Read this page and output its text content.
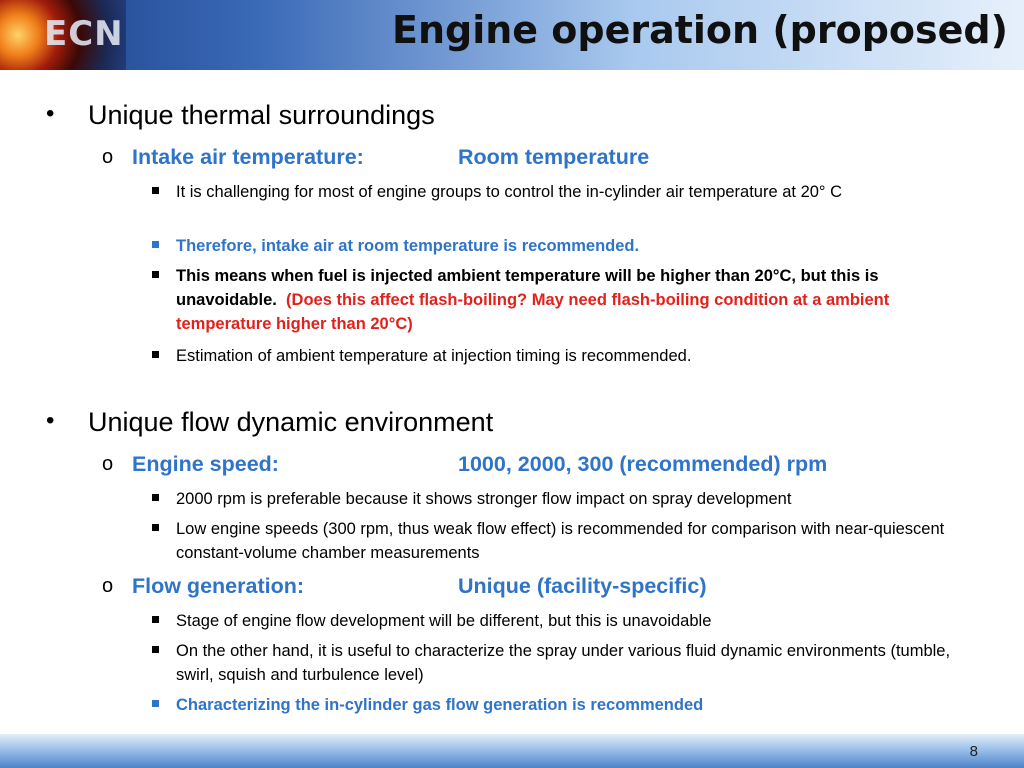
ECN	Engine operation (proposed)
• Unique thermal surroundings
o Intake air temperature:	Room temperature
It is challenging for most of engine groups to control the in-cylinder air temperature at 20° C
Therefore, intake air at room temperature is recommended.
This means when fuel is injected ambient temperature will be higher than 20°C, but this is unavoidable. (Does this affect flash-boiling? May need flash-boiling condition at a ambient temperature higher than 20°C)
Estimation of ambient temperature at injection timing is recommended.
• Unique flow dynamic environment
o Engine speed:	1000, 2000, 300 (recommended) rpm
2000 rpm is preferable because it shows stronger flow impact on spray development
Low engine speeds (300 rpm, thus weak flow effect) is recommended for comparison with near-quiescent constant-volume chamber measurements
o Flow generation:	Unique (facility-specific)
Stage of engine flow development will be different, but this is unavoidable
On the other hand, it is useful to characterize the spray under various fluid dynamic environments (tumble, swirl, squish and turbulence level)
Characterizing the in-cylinder gas flow generation is recommended
8
